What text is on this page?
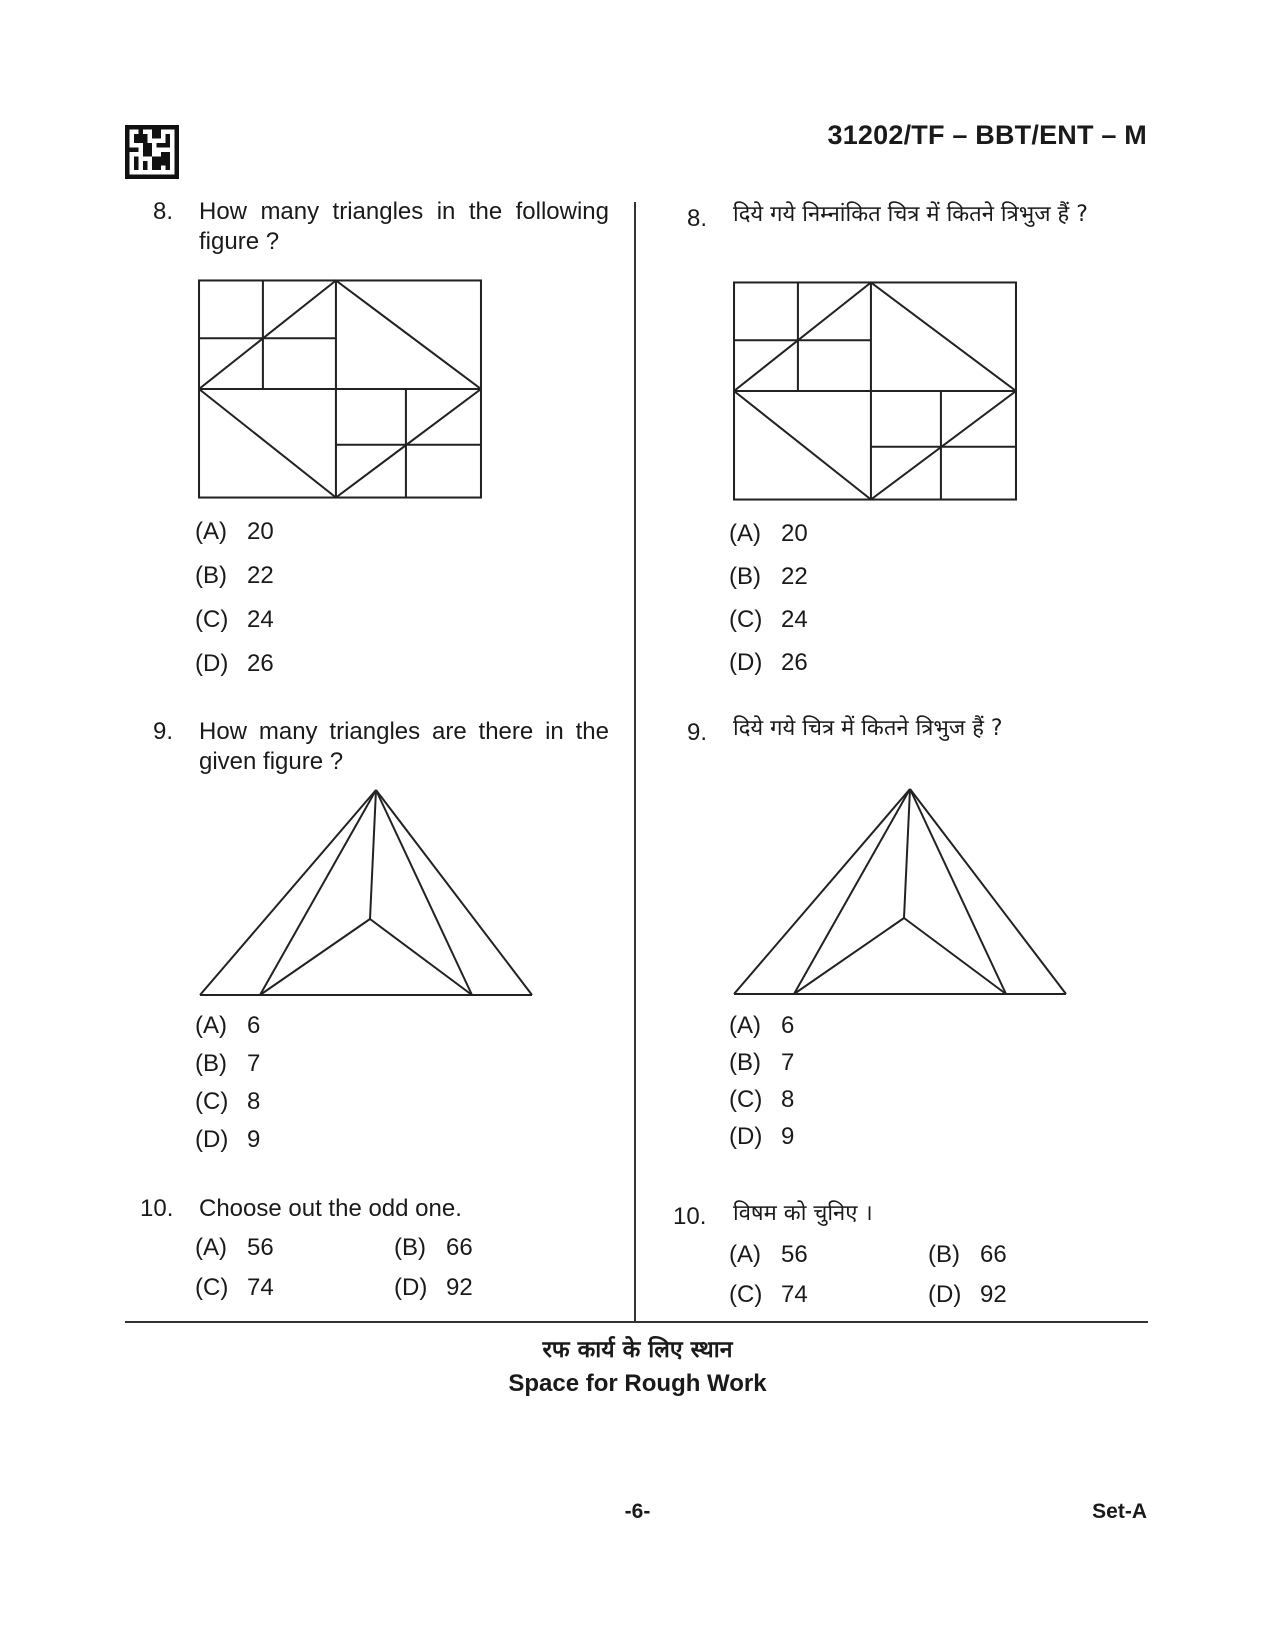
31202/TF – BBT/ENT – M
8. How many triangles in the following figure ?
(A) 20
(B) 22
(C) 24
(D) 26
9. How many triangles are there in the given figure ?
(A) 6
(B) 7
(C) 8
(D) 9
10. Choose out the odd one.
(A) 56	(B) 66
(C) 74	(D) 92
8. दिये गये निम्नांकित चित्र में कितने त्रिभुज हैं ?
(A) 20
(B) 22
(C) 24
(D) 26
9. दिये गये चित्र में कितने त्रिभुज हैं ?
(A) 6
(B) 7
(C) 8
(D) 9
10. विषम को चुनिए ।
(A) 56	(B) 66
(C) 74	(D) 92
रफ कार्य के लिए स्थान
Space for Rough Work
-6-	Set-A
